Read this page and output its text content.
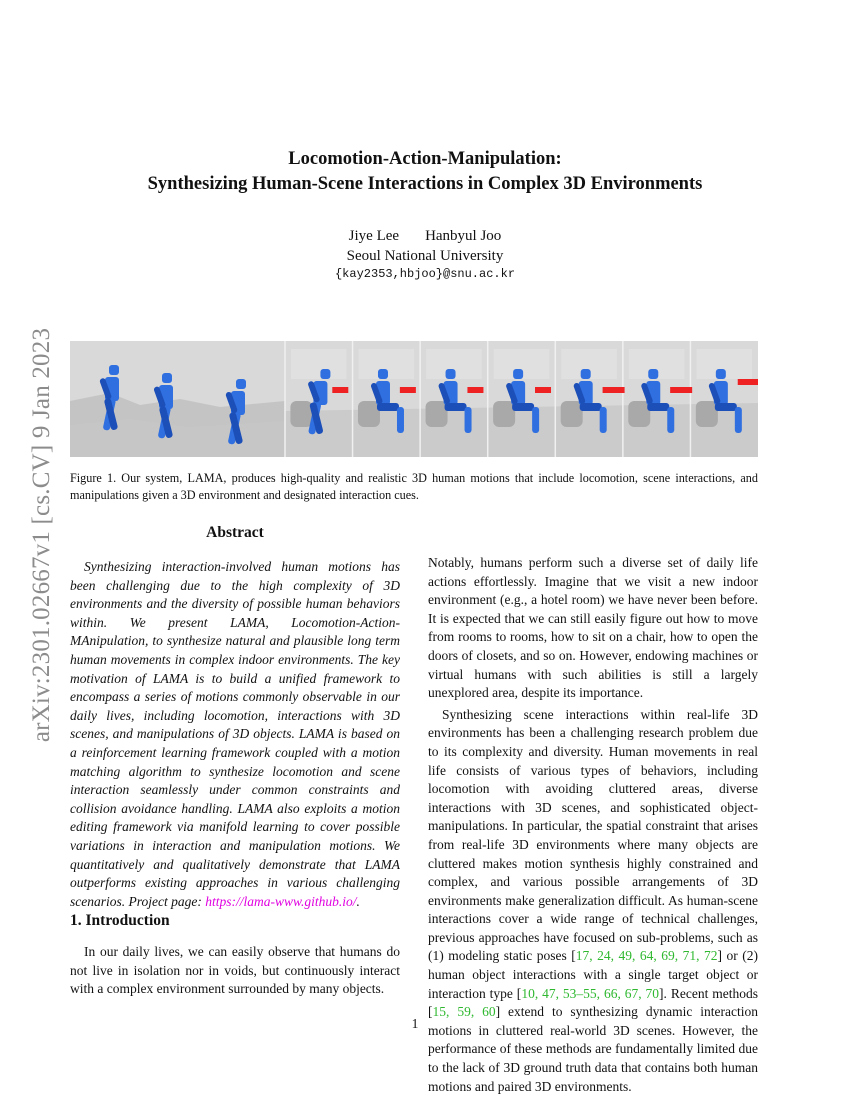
arXiv:2301.02667v1 [cs.CV] 9 Jan 2023
Locomotion-Action-Manipulation:
Synthesizing Human-Scene Interactions in Complex 3D Environments
Jiye Lee Hanbyul Joo
Seoul National University
{kay2353,hbjoo}@snu.ac.kr
Figure 1. Our system, LAMA, produces high-quality and realistic 3D human motions that include locomotion, scene interactions, and manipulations given a 3D environment and designated interaction cues.
Abstract

Synthesizing interaction-involved human motions has been challenging due to the high complexity of 3D environments and the diversity of possible human behaviors within. We present LAMA, Locomotion-Action-MAnipulation, to synthesize natural and plausible long term human movements in complex indoor environments. The key motivation of LAMA is to build a unified framework to encompass a series of motions commonly observable in our daily lives, including locomotion, interactions with 3D scenes, and manipulations of 3D objects. LAMA is based on a reinforcement learning framework coupled with a motion matching algorithm to synthesize locomotion and scene interaction seamlessly under common constraints and collision avoidance handling. LAMA also exploits a motion editing framework via manifold learning to cover possible variations in interaction and manipulation motions. We quantitatively and qualitatively demonstrate that LAMA outperforms existing approaches in various challenging scenarios. Project page: https://lama-www.github.io/.

1. Introduction

In our daily lives, we can easily observe that humans do not live in isolation nor in voids, but continuously interact with a complex environment surrounded by many objects.

Notably, humans perform such a diverse set of daily life actions effortlessly. Imagine that we visit a new indoor environment (e.g., a hotel room) we have never been before. It is expected that we can still easily figure out how to move from rooms to rooms, how to sit on a chair, how to open the doors of closets, and so on. However, endowing machines or virtual humans with such abilities is still a largely unexplored area, despite its importance.

Synthesizing scene interactions within real-life 3D environments has been a challenging research problem due to its complexity and diversity. Human movements in real life consists of various types of behaviors, including locomotion with avoiding cluttered areas, diverse interactions with 3D scenes, and sophisticated object-manipulations. In particular, the spatial constraint that arises from real-life 3D environments where many objects are cluttered makes motion synthesis highly constrained and complex, and various possible arrangements of 3D environments make generalization difficult. As human-scene interactions cover a wide range of technical challenges, previous approaches have focused on sub-problems, such as (1) modeling static poses [17, 24, 49, 64, 69, 71, 72] or (2) human object interactions with a single target object or interaction type [10, 47, 53–55, 66, 67, 70]. Recent methods [15, 59, 60] extend to synthesizing dynamic interaction motions in cluttered real-world 3D scenes. However, the performance of these methods are fundamentally limited due to the lack of 3D ground truth data that contains both human motions and paired 3D environments.

1
